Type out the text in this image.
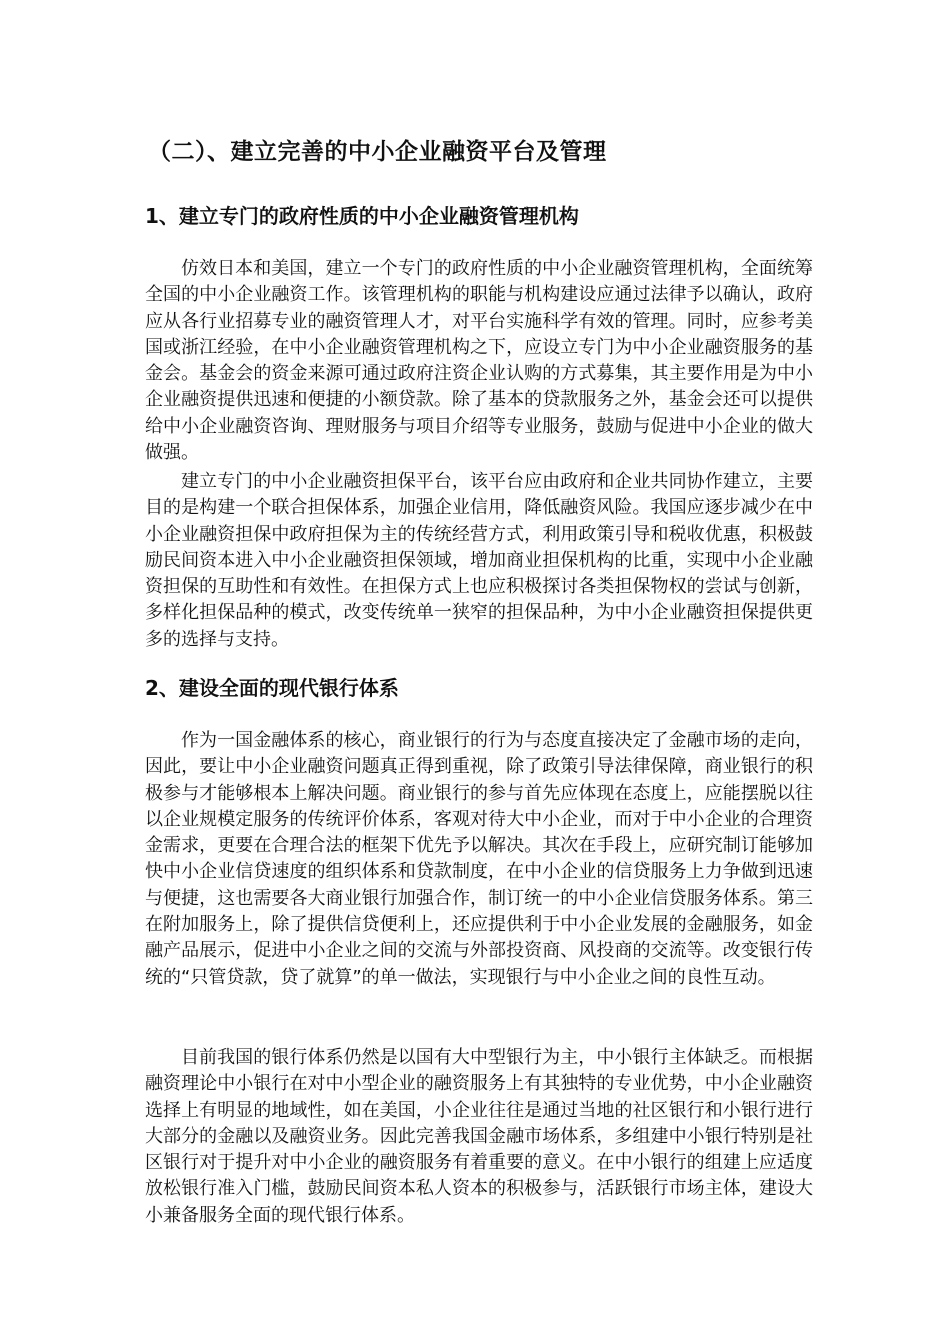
（二）、建立完善的中小企业融资平台及管理
1、建立专门的政府性质的中小企业融资管理机构

仿效日本和美国，建立一个专门的政府性质的中小企业融资管理机构，全面统筹全国的中小企业融资工作。该管理机构的职能与机构建设应通过法律予以确认，政府应从各行业招募专业的融资管理人才，对平台实施科学有效的管理。同时，应参考美国或浙江经验，在中小企业融资管理机构之下，应设立专门为中小企业融资服务的基金会。基金会的资金来源可通过政府注资企业认购的方式募集，其主要作用是为中小企业融资提供迅速和便捷的小额贷款。除了基本的贷款服务之外，基金会还可以提供给中小企业融资咨询、理财服务与项目介绍等专业服务，鼓励与促进中小企业的做大做强。

建立专门的中小企业融资担保平台，该平台应由政府和企业共同协作建立，主要目的是构建一个联合担保体系，加强企业信用，降低融资风险。我国应逐步减少在中小企业融资担保中政府担保为主的传统经营方式，利用政策引导和税收优惠，积极鼓励民间资本进入中小企业融资担保领域，增加商业担保机构的比重，实现中小企业融资担保的互助性和有效性。在担保方式上也应积极探讨各类担保物权的尝试与创新，多样化担保品种的模式，改变传统单一狭窄的担保品种，为中小企业融资担保提供更多的选择与支持。

2、建设全面的现代银行体系

作为一国金融体系的核心，商业银行的行为与态度直接决定了金融市场的走向，因此，要让中小企业融资问题真正得到重视，除了政策引导法律保障，商业银行的积极参与才能够根本上解决问题。商业银行的参与首先应体现在态度上，应能摆脱以往以企业规模定服务的传统评价体系，客观对待大中小企业，而对于中小企业的合理资金需求，更要在合理合法的框架下优先予以解决。其次在手段上，应研究制订能够加快中小企业信贷速度的组织体系和贷款制度，在中小企业的信贷服务上力争做到迅速与便捷，这也需要各大商业银行加强合作，制订统一的中小企业信贷服务体系。第三在附加服务上，除了提供信贷便利上，还应提供利于中小企业发展的金融服务，如金融产品展示，促进中小企业之间的交流与外部投资商、风投商的交流等。改变银行传统的“只管贷款，贷了就算”的单一做法，实现银行与中小企业之间的良性互动。

目前我国的银行体系仍然是以国有大中型银行为主，中小银行主体缺乏。而根据融资理论中小银行在对中小型企业的融资服务上有其独特的专业优势，中小企业融资选择上有明显的地域性，如在美国，小企业往往是通过当地的社区银行和小银行进行大部分的金融以及融资业务。因此完善我国金融市场体系，多组建中小银行特别是社区银行对于提升对中小企业的融资服务有着重要的意义。在中小银行的组建上应适度放松银行准入门槛，鼓励民间资本私人资本的积极参与，活跃银行市场主体，建设大小兼备服务全面的现代银行体系。
